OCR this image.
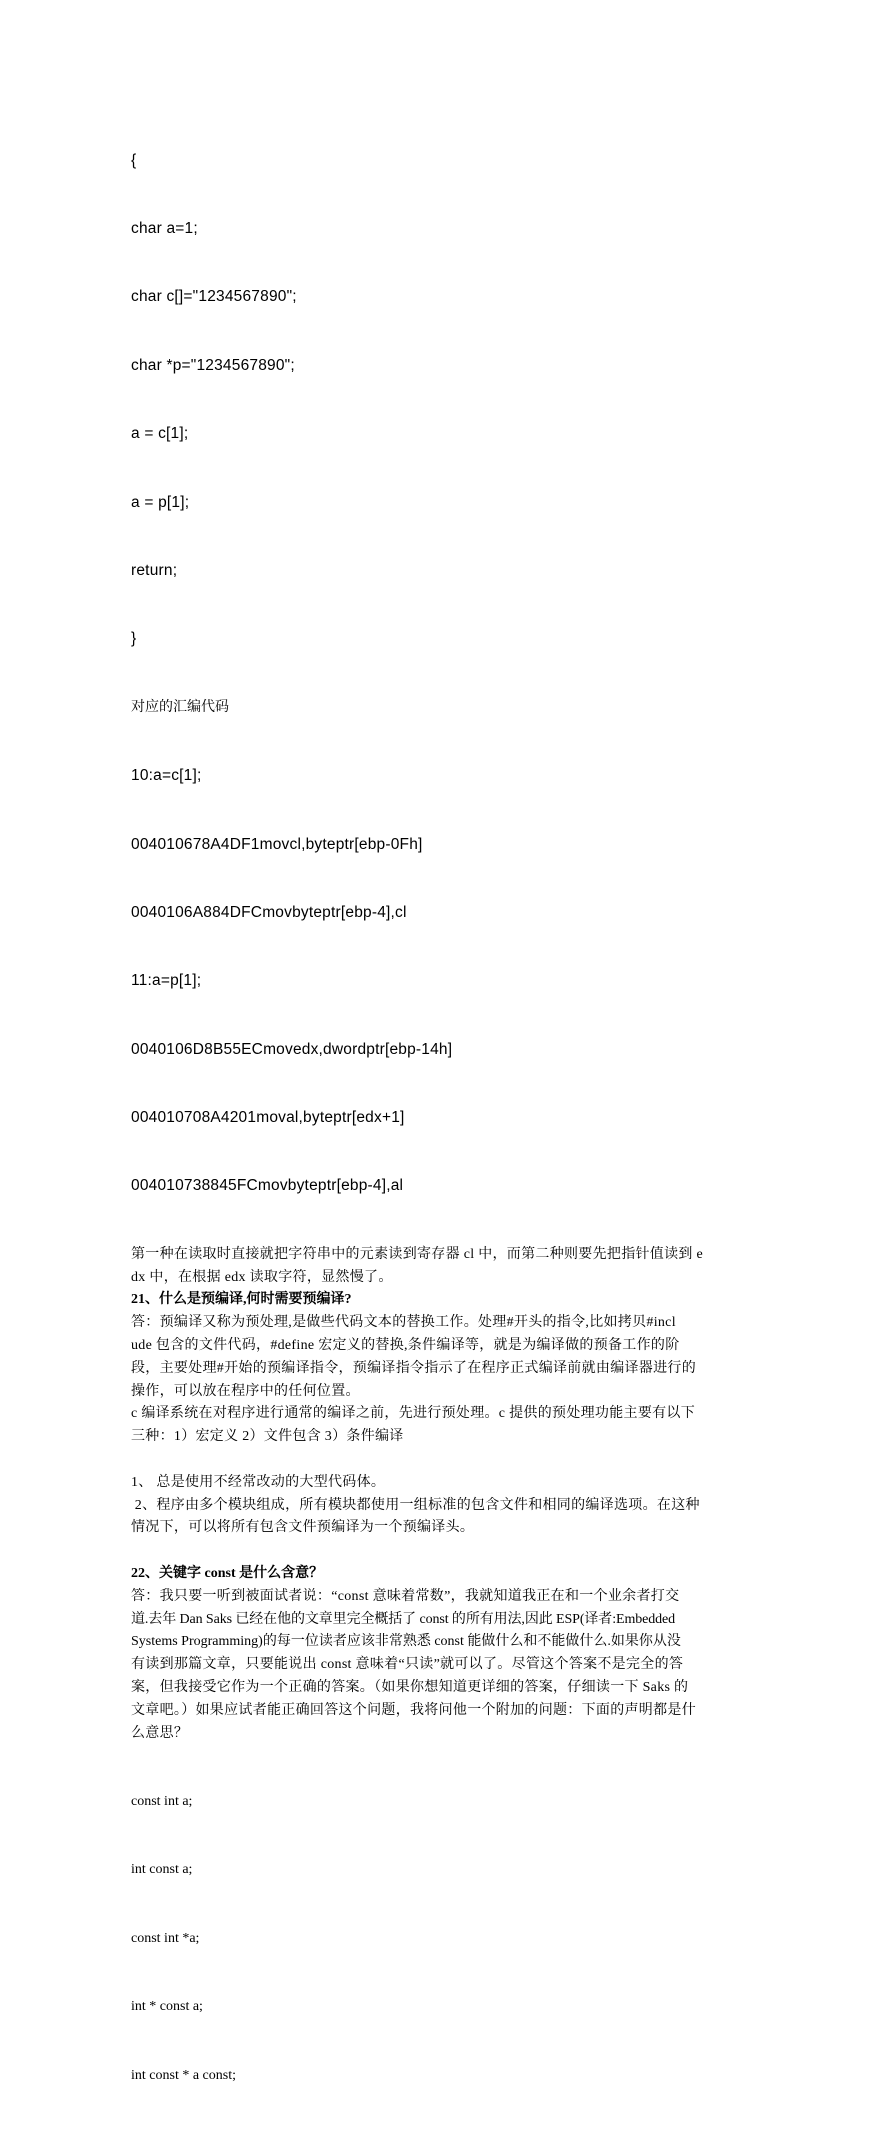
{

char a=1;

char c[]="1234567890";

char *p="1234567890";

a = c[1];

a = p[1];

return;

}

对应的汇编代码

10:a=c[1];

004010678A4DF1movcl,byteptr[ebp-0Fh]

0040106A884DFCmovbyteptr[ebp-4],cl

11:a=p[1];

0040106D8B55ECmovedx,dwordptr[ebp-14h]

004010708A4201moval,byteptr[edx+1]

004010738845FCmovbyteptr[ebp-4],al

第一种在读取时直接就把字符串中的元素读到寄存器 cl 中，而第二种则要先把指针值读到 e
dx 中，在根据 edx 读取字符，显然慢了。
21、什么是预编译,何时需要预编译?
答：预编译又称为预处理,是做些代码文本的替换工作。处理#开头的指令,比如拷贝#incl
ude 包含的文件代码，#define 宏定义的替换,条件编译等，就是为编译做的预备工作的阶
段，主要处理#开始的预编译指令，预编译指令指示了在程序正式编译前就由编译器进行的
操作，可以放在程序中的任何位置。
c 编译系统在对程序进行通常的编译之前，先进行预处理。c 提供的预处理功能主要有以下
三种：1）宏定义 2）文件包含 3）条件编译
1、 总是使用不经常改动的大型代码体。
2、程序由多个模块组成，所有模块都使用一组标准的包含文件和相同的编译选项。在这种
情况下，可以将所有包含文件预编译为一个预编译头。
22、关键字 const 是什么含意？
答：我只要一听到被面试者说：“const 意味着常数”，我就知道我正在和一个业余者打交
道.去年 Dan Saks 已经在他的文章里完全概括了 const 的所有用法,因此 ESP(译者:Embedded
Systems Programming)的每一位读者应该非常熟悉 const 能做什么和不能做什么.如果你从没
有读到那篇文章，只要能说出 const 意味着“只读”就可以了。尽管这个答案不是完全的答
案，但我接受它作为一个正确的答案。（如果你想知道更详细的答案，仔细读一下 Saks 的
文章吧。）如果应试者能正确回答这个问题，我将问他一个附加的问题：下面的声明都是什
么意思？

const int a;

int const a;

const int *a;

int * const a;

int const * a const;
